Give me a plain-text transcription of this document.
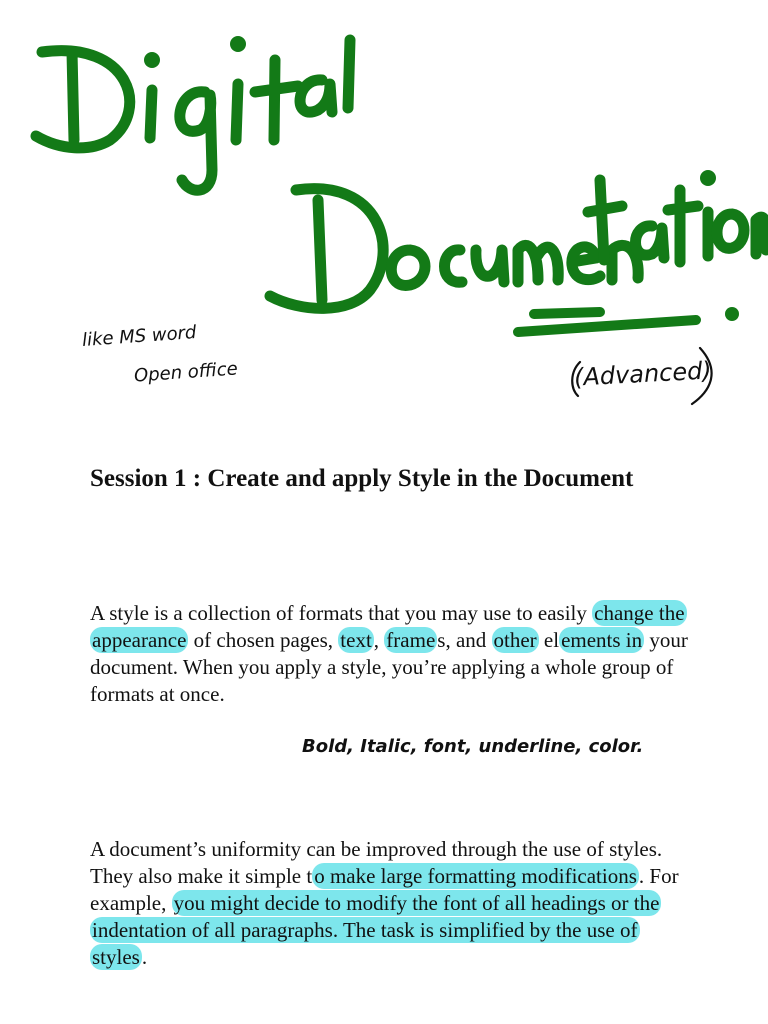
like MS word
Open office	(Advanced)
Bold, Italic, font, underline, color.
Session 1 : Create and apply Style in the Document

A style is a collection of formats that you may use to easily change the appearance of chosen pages, text, frames, and other elements in your document. When you apply a style, you’re applying a whole group of formats at once.

A document’s uniformity can be improved through the use of styles. They also make it simple to make large formatting modifications. For example, you might decide to modify the font of all headings or the indentation of all paragraphs. The task is simplified by the use of styles.
